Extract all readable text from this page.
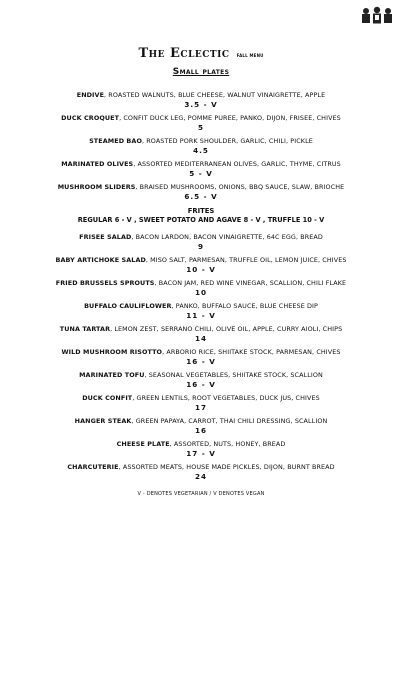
The Eclectic FALL MENU
Small plates
ENDIVE, ROASTED WALNUTS, BLUE CHEESE, WALNUT VINAIGRETTE, APPLE
3.5 - V
DUCK CROQUET, CONFIT DUCK LEG, POMME PUREE, PANKO, DIJON, FRISEE, CHIVES
5
STEAMED BAO, ROASTED PORK SHOULDER, GARLIC, CHILI, PICKLE
4.5
MARINATED OLIVES, ASSORTED MEDITERRANEAN OLIVES, GARLIC, THYME, CITRUS
5 - V
MUSHROOM SLIDERS, BRAISED MUSHROOMS, ONIONS, BBQ SAUCE, SLAW, BRIOCHE
6.5 - V
FRITES
REGULAR 6 - V , SWEET POTATO AND AGAVE 8 - V , TRUFFLE 10 - V
FRISEE SALAD, BACON LARDON, BACON VINAIGRETTE, 64C EGG, BREAD
9
BABY ARTICHOKE SALAD, MISO SALT, PARMESAN, TRUFFLE OIL, LEMON JUICE, CHIVES
10 - V
FRIED BRUSSELS SPROUTS, BACON JAM, RED WINE VINEGAR, SCALLION, CHILI FLAKE
10
BUFFALO CAULIFLOWER, PANKO, BUFFALO SAUCE, BLUE CHEESE DIP
11 - V
TUNA TARTAR, LEMON ZEST, SERRANO CHILI, OLIVE OIL, APPLE, CURRY AIOLI, CHIPS
14
WILD MUSHROOM RISOTTO, ARBORIO RICE, SHIITAKE STOCK, PARMESAN, CHIVES
16 - V
MARINATED TOFU, SEASONAL VEGETABLES, SHIITAKE STOCK, SCALLION
16 - V
DUCK CONFIT, GREEN LENTILS, ROOT VEGETABLES, DUCK JUS, CHIVES
17
HANGER STEAK, GREEN PAPAYA, CARROT, THAI CHILI DRESSING, SCALLION
16
CHEESE PLATE, ASSORTED, NUTS, HONEY, BREAD
17 - V
CHARCUTERIE, ASSORTED MEATS, HOUSE MADE PICKLES, DIJON, BURNT BREAD
24
V - DENOTES VEGETARIAN / V DENOTES VEGAN
